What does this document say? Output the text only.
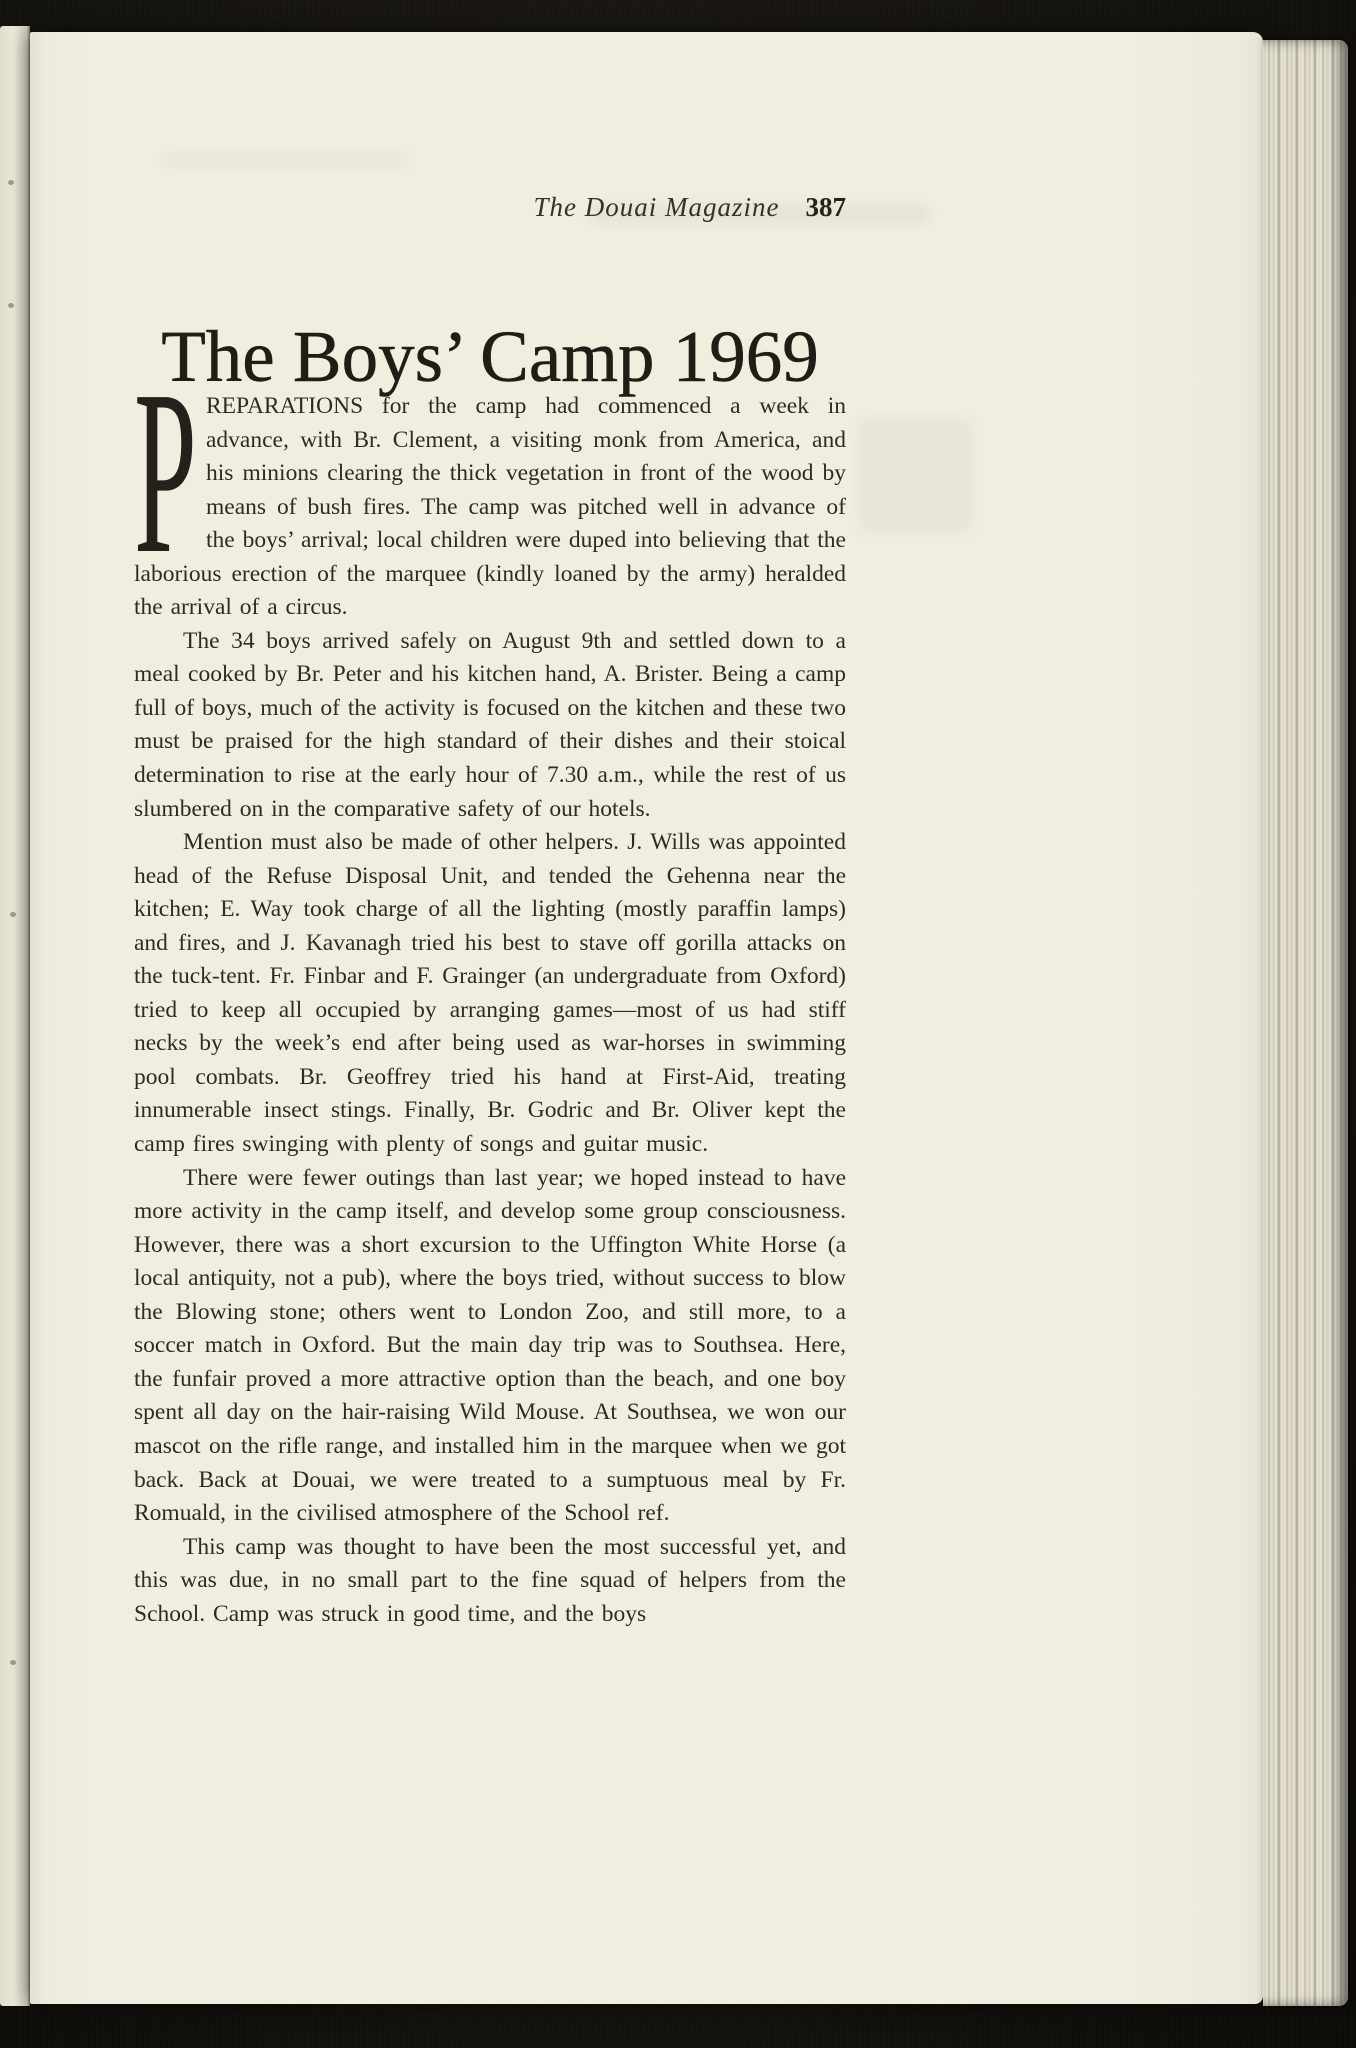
The Douai Magazine 387
The Boys’ Camp 1969

PREPARATIONS for the camp had commenced a week in advance, with Br. Clement, a visiting monk from America, and his minions clearing the thick vegetation in front of the wood by means of bush fires. The camp was pitched well in advance of the boys’ arrival; local children were duped into believing that the laborious erection of the marquee (kindly loaned by the army) heralded the arrival of a circus.

The 34 boys arrived safely on August 9th and settled down to a meal cooked by Br. Peter and his kitchen hand, A. Brister. Being a camp full of boys, much of the activity is focused on the kitchen and these two must be praised for the high standard of their dishes and their stoical determination to rise at the early hour of 7.30 a.m., while the rest of us slumbered on in the comparative safety of our hotels.

Mention must also be made of other helpers. J. Wills was appointed head of the Refuse Disposal Unit, and tended the Gehenna near the kitchen; E. Way took charge of all the lighting (mostly paraffin lamps) and fires, and J. Kavanagh tried his best to stave off gorilla attacks on the tuck-tent. Fr. Finbar and F. Grainger (an undergraduate from Oxford) tried to keep all occupied by arranging games—most of us had stiff necks by the week’s end after being used as war-horses in swimming pool combats. Br. Geoffrey tried his hand at First-Aid, treating innumerable insect stings. Finally, Br. Godric and Br. Oliver kept the camp fires swinging with plenty of songs and guitar music.

There were fewer outings than last year; we hoped instead to have more activity in the camp itself, and develop some group consciousness. However, there was a short excursion to the Uffington White Horse (a local antiquity, not a pub), where the boys tried, without success to blow the Blowing stone; others went to London Zoo, and still more, to a soccer match in Oxford. But the main day trip was to Southsea. Here, the funfair proved a more attractive option than the beach, and one boy spent all day on the hair-raising Wild Mouse. At Southsea, we won our mascot on the rifle range, and installed him in the marquee when we got back. Back at Douai, we were treated to a sumptuous meal by Fr. Romuald, in the civilised atmosphere of the School ref.

This camp was thought to have been the most successful yet, and this was due, in no small part to the fine squad of helpers from the School. Camp was struck in good time, and the boys
